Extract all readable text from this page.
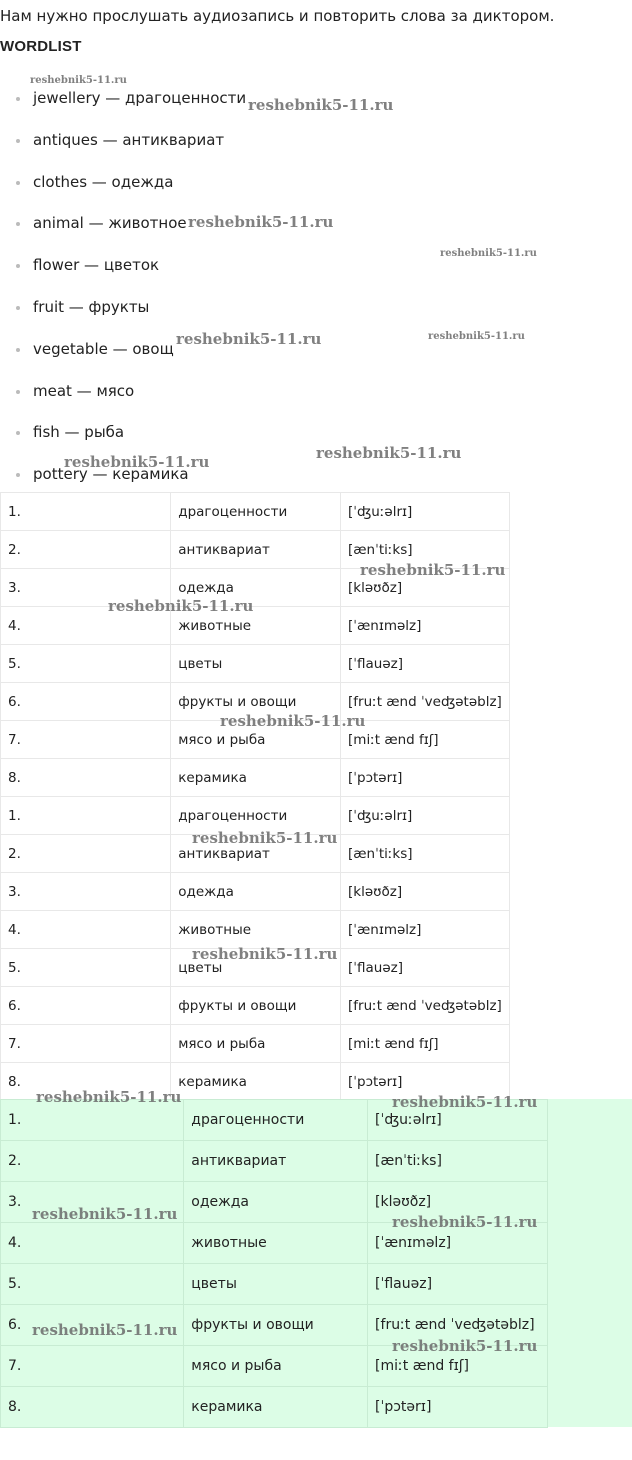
Нам нужно прослушать аудиозапись и повторить слова за диктором.
WORDLIST
jewellery — драгоценности
antiques — антиквариат
clothes — одежда
animal — животное
flower — цветок
fruit — фрукты
vegetable — овощ
meat — мясо
fish — рыба
pottery — керамика
1.	драгоценности	[ˈʤuːəlrɪ]
2.	антиквариат	[ænˈtiːks]
3.	одежда	[kləʊðz]
4.	животные	[ˈænɪməlz]
5.	цветы	[ˈflauəz]
6.	фрукты и овощи	[fruːt ænd ˈveʤətəblz]
7.	мясо и рыба	[miːt ænd fɪʃ]
8.	керамика	[ˈpɔtərɪ]
1.	драгоценности	[ˈʤuːəlrɪ]
2.	антиквариат	[ænˈtiːks]
3.	одежда	[kləʊðz]
4.	животные	[ˈænɪməlz]
5.	цветы	[ˈflauəz]
6.	фрукты и овощи	[fruːt ænd ˈveʤətəblz]
7.	мясо и рыба	[miːt ænd fɪʃ]
8.	керамика	[ˈpɔtərɪ]
1.	драгоценности	[ˈʤuːəlrɪ]
2.	антиквариат	[ænˈtiːks]
3.	одежда	[kləʊðz]
4.	животные	[ˈænɪməlz]
5.	цветы	[ˈflauəz]
6.	фрукты и овощи	[fruːt ænd ˈveʤətəblz]
7.	мясо и рыба	[miːt ænd fɪʃ]
8.	керамика	[ˈpɔtərɪ]
reshebnik5-11.ru
reshebnik5-11.ru
reshebnik5-11.ru
reshebnik5-11.ru
reshebnik5-11.ru	reshebnik5-11.ru
reshebnik5-11.ru
reshebnik5-11.ru
reshebnik5-11.ru
reshebnik5-11.ru
reshebnik5-11.ru
reshebnik5-11.ru
reshebnik5-11.ru
reshebnik5-11.ru	reshebnik5-11.ru
reshebnik5-11.ru	reshebnik5-11.ru
reshebnik5-11.ru
reshebnik5-11.ru
